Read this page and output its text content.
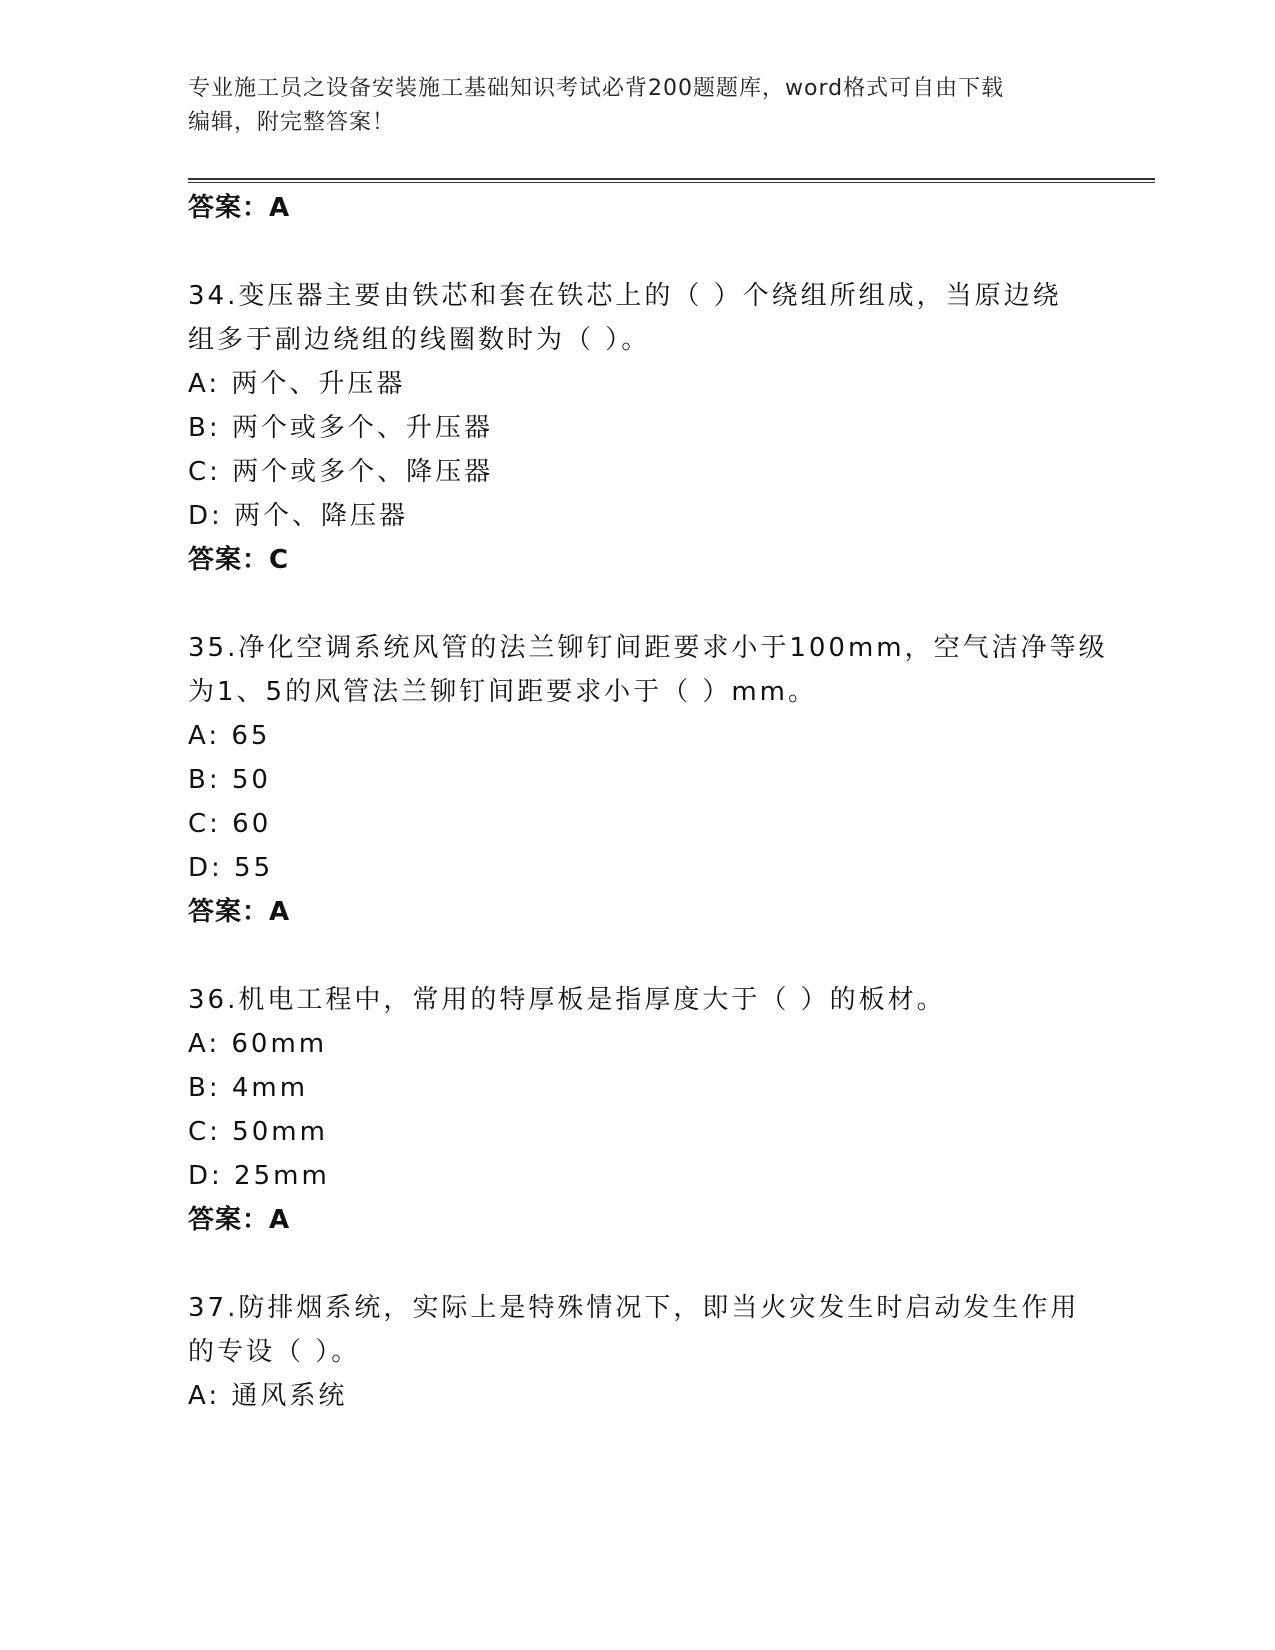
专业施工员之设备安装施工基础知识考试必背200题题库，word格式可自由下载
编辑，附完整答案！
答案：A
34.变压器主要由铁芯和套在铁芯上的（ ）个绕组所组成，当原边绕
组多于副边绕组的线圈数时为（ ）。
A: 两个、升压器
B: 两个或多个、升压器
C: 两个或多个、降压器
D: 两个、降压器
答案：C
35.净化空调系统风管的法兰铆钉间距要求小于100mm，空气洁净等级
为1、5的风管法兰铆钉间距要求小于（ ）mm。
A: 65
B: 50
C: 60
D: 55
答案：A
36.机电工程中，常用的特厚板是指厚度大于（ ）的板材。
A: 60mm
B: 4mm
C: 50mm
D: 25mm
答案：A
37.防排烟系统，实际上是特殊情况下，即当火灾发生时启动发生作用
的专设（ ）。
A: 通风系统
